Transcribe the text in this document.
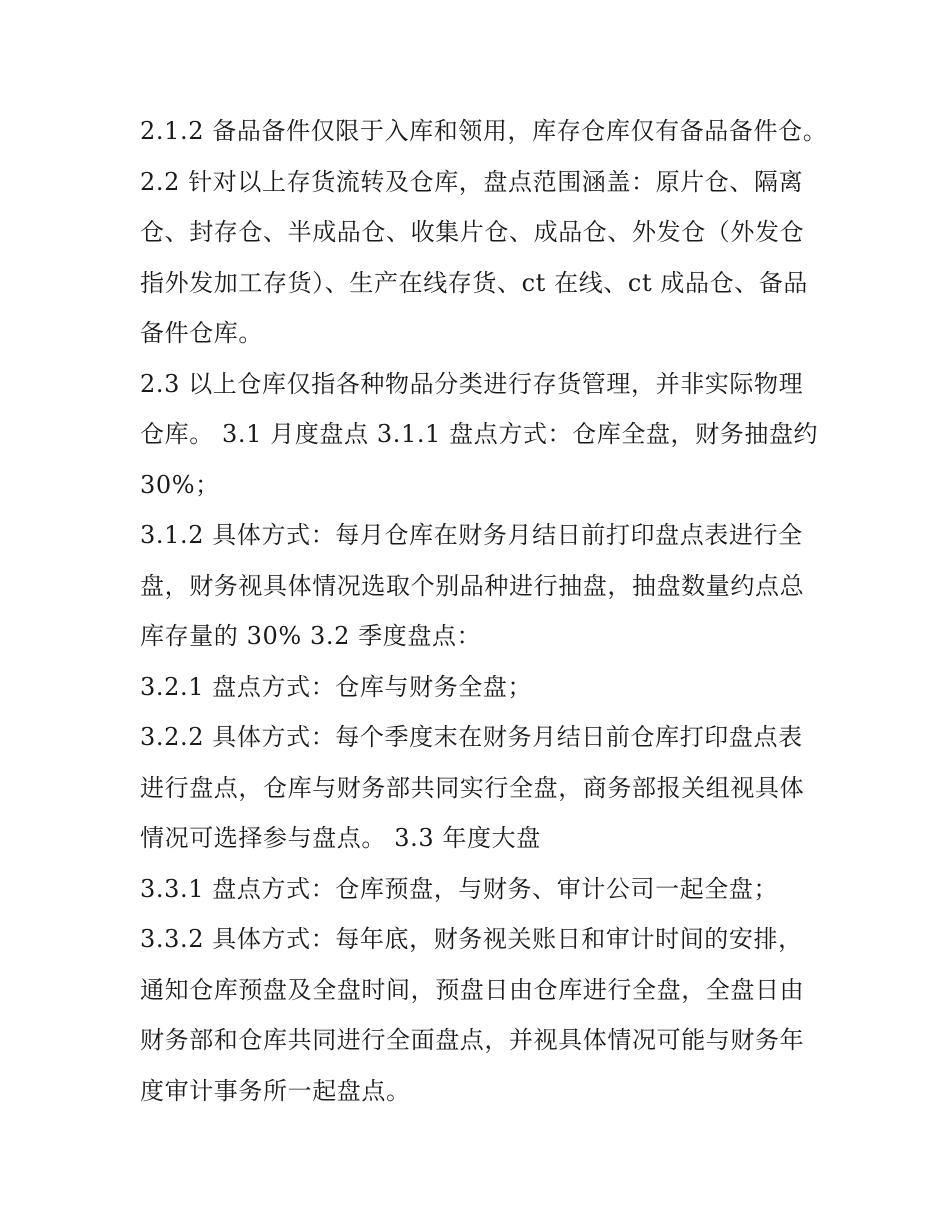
2.1.2 备品备件仅限于入库和领用，库存仓库仅有备品备件仓。
2.2 针对以上存货流转及仓库，盘点范围涵盖：原片仓、隔离
仓、封存仓、半成品仓、收集片仓、成品仓、外发仓（外发仓
指外发加工存货）、生产在线存货、ct 在线、ct 成品仓、备品
备件仓库。
2.3 以上仓库仅指各种物品分类进行存货管理，并非实际物理
仓库。 3.1 月度盘点 3.1.1 盘点方式：仓库全盘，财务抽盘约
30%；
3.1.2 具体方式：每月仓库在财务月结日前打印盘点表进行全
盘，财务视具体情况选取个别品种进行抽盘，抽盘数量约点总
库存量的 30% 3.2 季度盘点：
3.2.1 盘点方式：仓库与财务全盘；
3.2.2 具体方式：每个季度末在财务月结日前仓库打印盘点表
进行盘点，仓库与财务部共同实行全盘，商务部报关组视具体
情况可选择参与盘点。 3.3 年度大盘
3.3.1 盘点方式：仓库预盘，与财务、审计公司一起全盘；
3.3.2 具体方式：每年底，财务视关账日和审计时间的安排，
通知仓库预盘及全盘时间，预盘日由仓库进行全盘，全盘日由
财务部和仓库共同进行全面盘点，并视具体情况可能与财务年
度审计事务所一起盘点。
